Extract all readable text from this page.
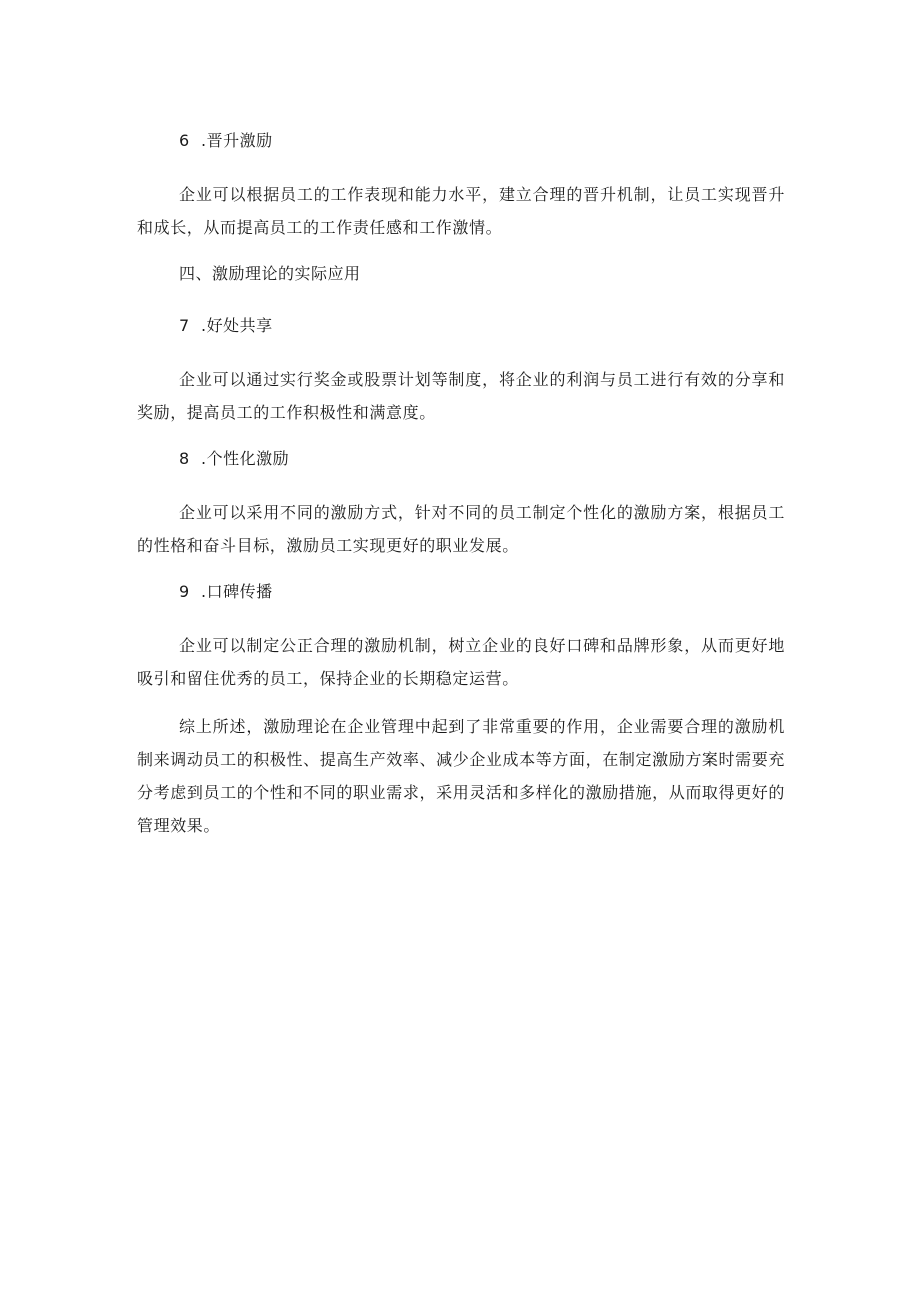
6 .晋升激励

企业可以根据员工的工作表现和能力水平，建立合理的晋升机制，让员工实现晋升和成长，从而提高员工的工作责任感和工作激情。

四、激励理论的实际应用
7 .好处共享

企业可以通过实行奖金或股票计划等制度，将企业的利润与员工进行有效的分享和奖励，提高员工的工作积极性和满意度。

8 .个性化激励

企业可以采用不同的激励方式，针对不同的员工制定个性化的激励方案，根据员工的性格和奋斗目标，激励员工实现更好的职业发展。

9 .口碑传播

企业可以制定公正合理的激励机制，树立企业的良好口碑和品牌形象，从而更好地吸引和留住优秀的员工，保持企业的长期稳定运营。

综上所述，激励理论在企业管理中起到了非常重要的作用，企业需要合理的激励机制来调动员工的积极性、提高生产效率、减少企业成本等方面，在制定激励方案时需要充分考虑到员工的个性和不同的职业需求，采用灵活和多样化的激励措施，从而取得更好的管理效果。
